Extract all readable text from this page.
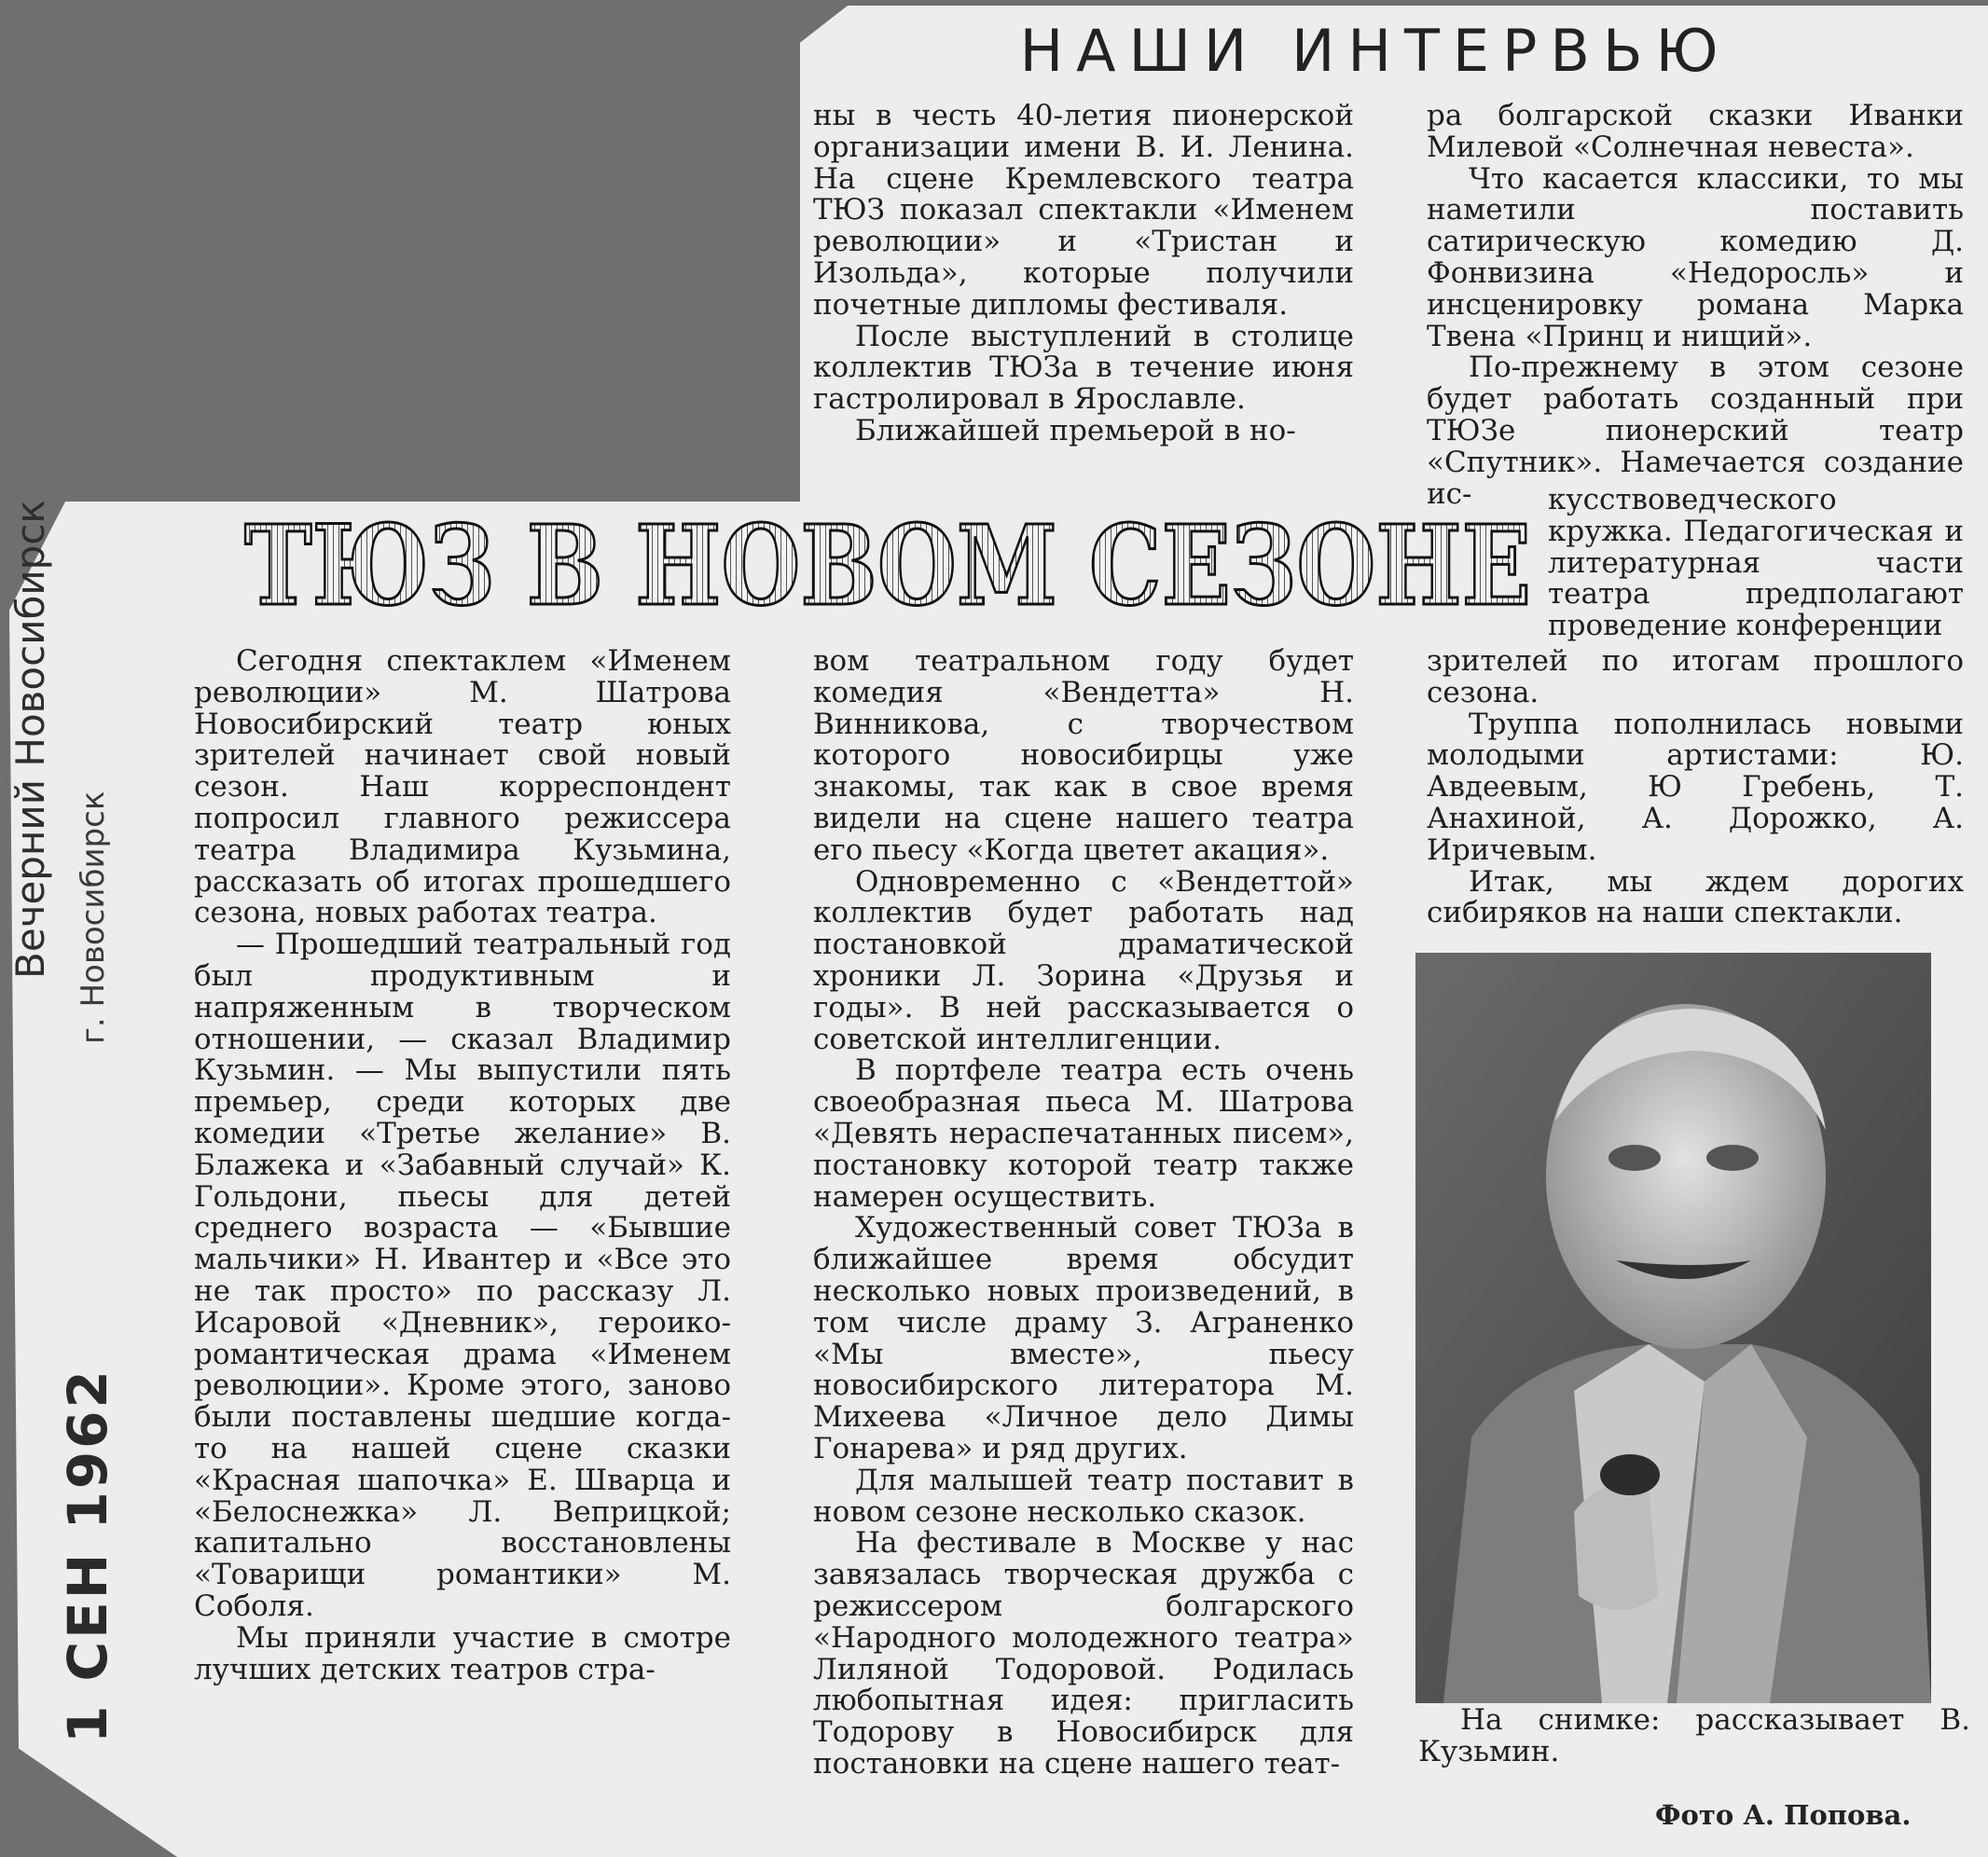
НАШИ ИНТЕРВЬЮ
ТЮЗ В НОВОМ СЕЗОНЕ
Вечерний Новосибирск г. Новосибирск
1 СЕН 1962

Сегодня спектаклем «Именем революции» М. Шатрова Новосибирский театр юных зрителей начинает свой новый сезон. Наш корреспондент попросил главного режиссера театра Владимира Кузьмина, рассказать об итогах прошедшего сезона, новых работах театра.

— Прошедший театральный год был продуктивным и напряженным в творческом отношении, — сказал Владимир Кузьмин. — Мы выпустили пять премьер, среди которых две комедии «Третье желание» В. Блажека и «Забавный случай» К. Гольдони, пьесы для детей среднего возраста — «Бывшие мальчики» Н. Ивантер и «Все это не так просто» по рассказу Л. Исаровой «Дневник», героико-романтическая драма «Именем революции». Кроме этого, заново были поставлены шедшие когда-то на нашей сцене сказки «Красная шапочка» Е. Шварца и «Белоснежка» Л. Веприцкой; капитально восстановлены «Товарищи романтики» М. Соболя.

Мы приняли участие в смотре лучших детских театров стра-

ны в честь 40-летия пионерской организации имени В. И. Ленина. На сцене Кремлевского театра ТЮЗ показал спектакли «Именем революции» и «Тристан и Изольда», которые получили почетные дипломы фестиваля.

После выступлений в столице коллектив ТЮЗа в течение июня гастролировал в Ярославле.

Ближайшей премьерой в но-

вом театральном году будет комедия «Вендетта» Н. Винникова, с творчеством которого новосибирцы уже знакомы, так как в свое время видели на сцене нашего театра его пьесу «Когда цветет акация».

Одновременно с «Вендеттой» коллектив будет работать над постановкой драматической хроники Л. Зорина «Друзья и годы». В ней рассказывается о советской интеллигенции.

В портфеле театра есть очень своеобразная пьеса М. Шатрова «Девять нераспечатанных писем», постановку которой театр также намерен осуществить.

Художественный совет ТЮЗа в ближайшее время обсудит несколько новых произведений, в том числе драму З. Аграненко «Мы вместе», пьесу новосибирского литератора М. Михеева «Личное дело Димы Гонарева» и ряд других.

Для малышей театр поставит в новом сезоне несколько сказок.

На фестивале в Москве у нас завязалась творческая дружба с режиссером болгарского «Народного молодежного театра» Лиляной Тодоровой. Родилась любопытная идея: пригласить Тодорову в Новосибирск для постановки на сцене нашего теат-

ра болгарской сказки Иванки Милевой «Солнечная невеста».

Что касается классики, то мы наметили поставить сатирическую комедию Д. Фонвизина «Недоросль» и инсценировку романа Марка Твена «Принц и нищий».

По-прежнему в этом сезоне будет работать созданный при ТЮЗе пионерский театр «Спутник». Намечается создание ис-	кусствоведческого кружка. Педагогическая и литературная части театра предполагают проведение конференции

зрителей по итогам прошлого сезона.

Труппа пополнилась новыми молодыми артистами: Ю. Авдеевым, Ю Гребень, Т. Анахиной, А. Дорожко, А. Иричевым.

Итак, мы ждем дорогих сибиряков на наши спектакли.

На снимке: рассказывает В. Кузьмин.

Фото А. Попова.
